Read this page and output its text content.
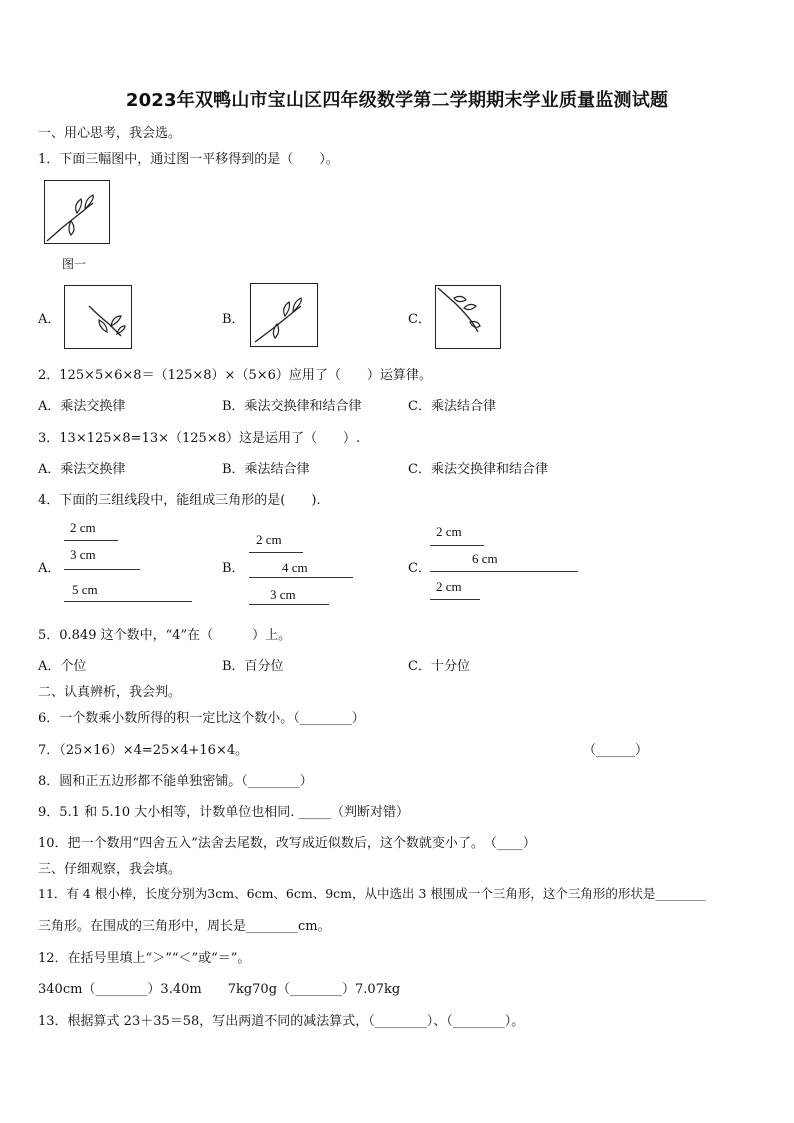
2023年双鸭山市宝山区四年级数学第二学期期末学业质量监测试题
一、用心思考，我会选。
1．下面三幅图中，通过图一平移得到的是（　　）。
图一
A．	B．	C．
2．125×5×6×8＝（125×8）×（5×6）应用了（　　）运算律。
A．乘法交换律	B．乘法交换律和结合律	C．乘法结合律
3．13×125×8=13×（125×8）这是运用了（　　）.
A．乘法交换律	B．乘法结合律	C．乘法交换律和结合律
4．下面的三组线段中，能组成三角形的是(　　).
A．
2 cm
3 cm
5 cm
B．
2 cm
4 cm
3 cm
C．
2 cm
6 cm
2 cm
5．0.849 这个数中，“4”在（　　　）上。
A．个位	B．百分位	C．十分位
二、认真辨析，我会判。
6．一个数乘小数所得的积一定比这个数小。（________）
7．（25×16）×4=25×4+16×4。	（______）
8．圆和正五边形都不能单独密铺。（________）
9．5.1 和 5.10 大小相等，计数单位也相同. _____（判断对错）
10．把一个数用“四舍五入”法舍去尾数，改写成近似数后，这个数就变小了。　（____）
三、仔细观察，我会填。
11．有 4 根小棒，长度分别为3cm、6cm、6cm、9cm，从中选出 3 根围成一个三角形，这个三角形的形状是________
三角形。在围成的三角形中，周长是________cm。
12．在括号里填上“＞”“＜”或“＝”。
340cm（________）3.40m　　7kg70g（________）7.07kg
13．根据算式 23＋35＝58，写出两道不同的减法算式，（________）、（________）。
